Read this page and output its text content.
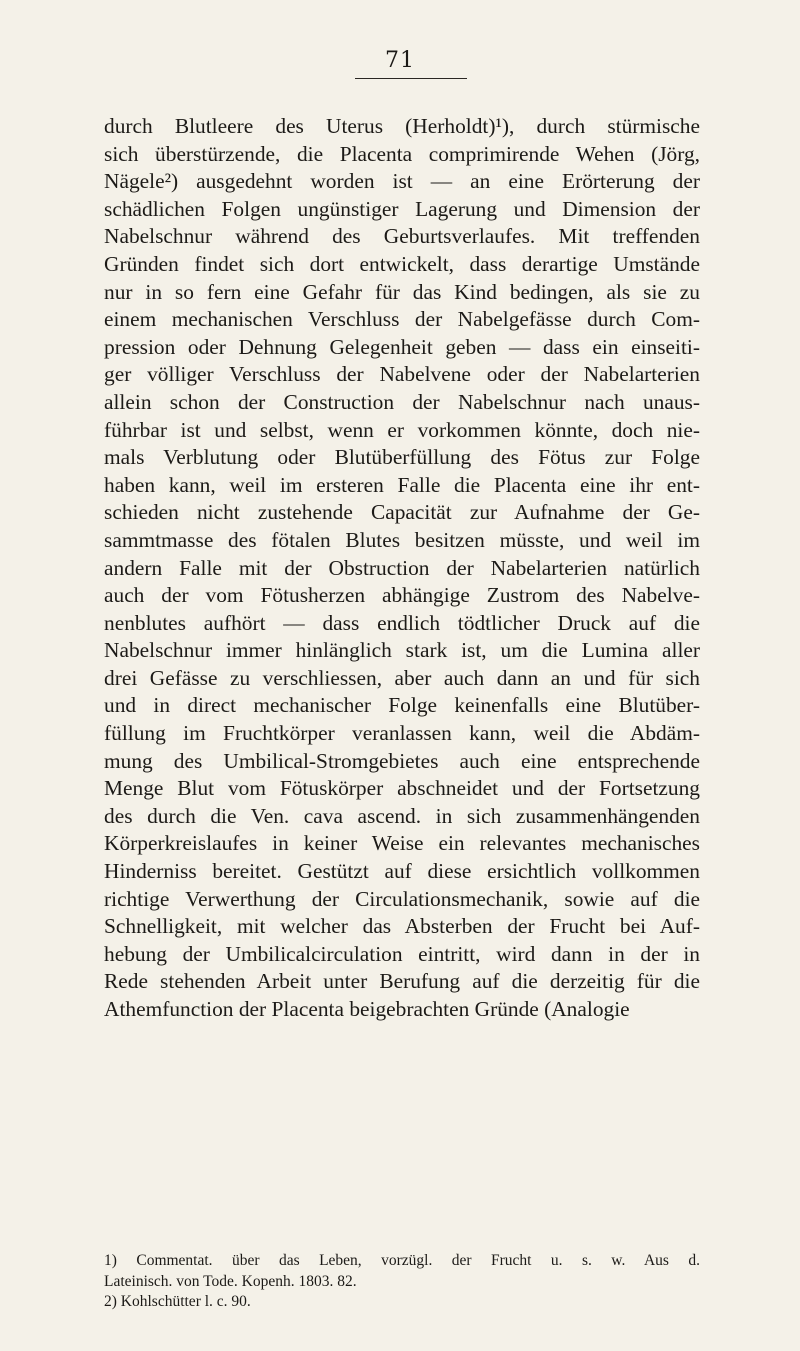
71
durch Blutleere des Uterus (Herholdt)¹), durch stürmische
sich überstürzende, die Placenta comprimirende Wehen (Jörg,
Nägele²) ausgedehnt worden ist — an eine Erörterung der
schädlichen Folgen ungünstiger Lagerung und Dimension der
Nabelschnur während des Geburtsverlaufes. Mit treffenden
Gründen findet sich dort entwickelt, dass derartige Umstände
nur in so fern eine Gefahr für das Kind bedingen, als sie zu
einem mechanischen Verschluss der Nabelgefässe durch Com-
pression oder Dehnung Gelegenheit geben — dass ein einseiti-
ger völliger Verschluss der Nabelvene oder der Nabelarterien
allein schon der Construction der Nabelschnur nach unaus-
führbar ist und selbst, wenn er vorkommen könnte, doch nie-
mals Verblutung oder Blutüberfüllung des Fötus zur Folge
haben kann, weil im ersteren Falle die Placenta eine ihr ent-
schieden nicht zustehende Capacität zur Aufnahme der Ge-
sammtmasse des fötalen Blutes besitzen müsste, und weil im
andern Falle mit der Obstruction der Nabelarterien natürlich
auch der vom Fötusherzen abhängige Zustrom des Nabelve-
nenblutes aufhört — dass endlich tödtlicher Druck auf die
Nabelschnur immer hinlänglich stark ist, um die Lumina aller
drei Gefässe zu verschliessen, aber auch dann an und für sich
und in direct mechanischer Folge keinenfalls eine Blutüber-
füllung im Fruchtkörper veranlassen kann, weil die Abdäm-
mung des Umbilical-Stromgebietes auch eine entsprechende
Menge Blut vom Fötuskörper abschneidet und der Fortsetzung
des durch die Ven. cava ascend. in sich zusammenhängenden
Körperkreislaufes in keiner Weise ein relevantes mechanisches
Hinderniss bereitet. Gestützt auf diese ersichtlich vollkommen
richtige Verwerthung der Circulationsmechanik, sowie auf die
Schnelligkeit, mit welcher das Absterben der Frucht bei Auf-
hebung der Umbilicalcirculation eintritt, wird dann in der in
Rede stehenden Arbeit unter Berufung auf die derzeitig für die
Athemfunction der Placenta beigebrachten Gründe (Analogie
1) Commentat. über das Leben, vorzügl. der Frucht u. s. w. Aus d.
Lateinisch. von Tode. Kopenh. 1803. 82.
2) Kohlschütter l. c. 90.
